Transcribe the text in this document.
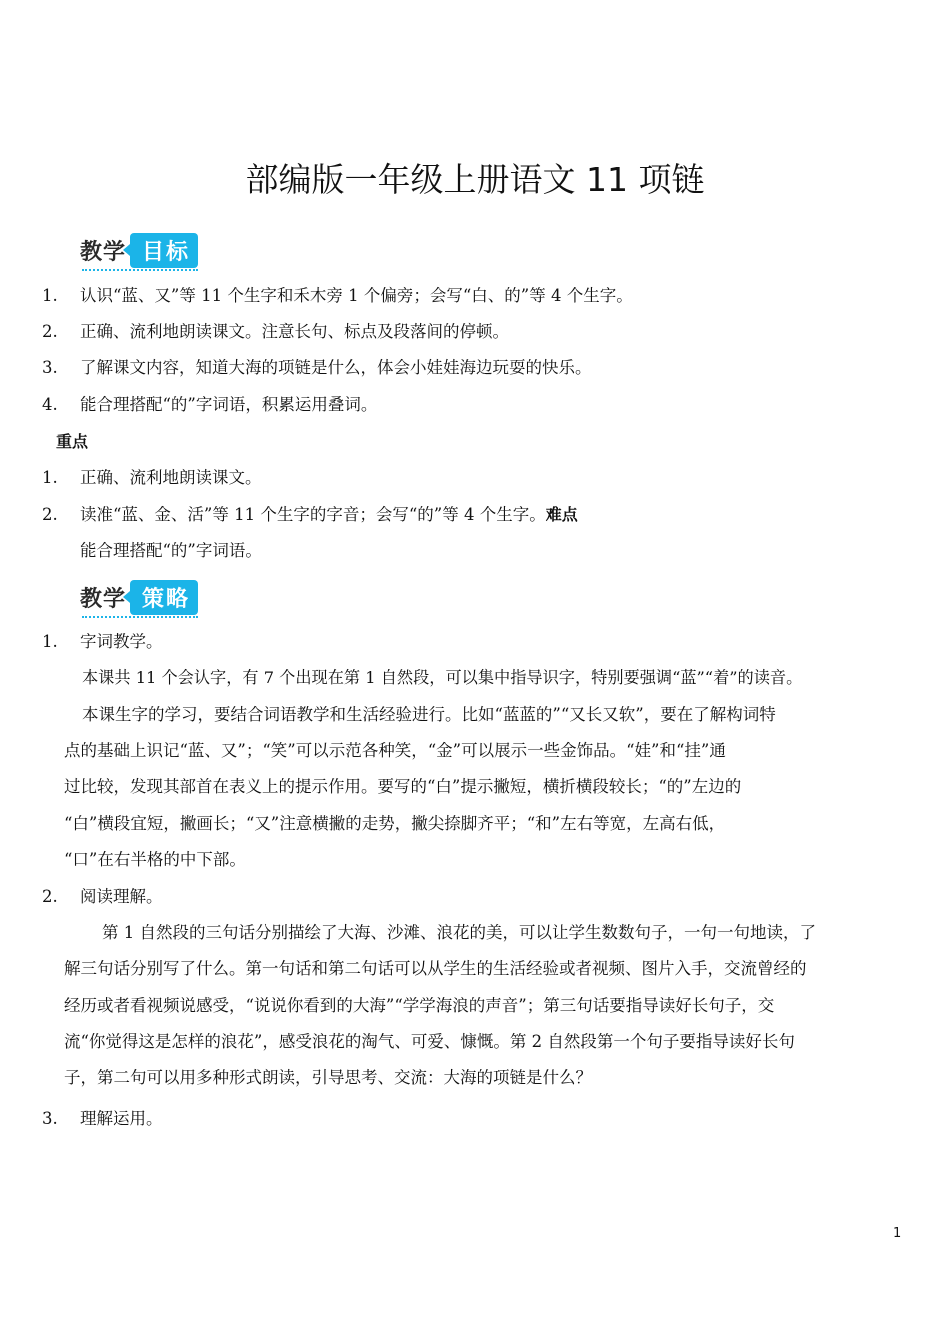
部编版一年级上册语文 11 项链
教学 目标
1. 认识“蓝、又”等 11 个生字和禾木旁 1 个偏旁；会写“白、的”等 4 个生字。
2. 正确、流利地朗读课文。注意长句、标点及段落间的停顿。
3. 了解课文内容，知道大海的项链是什么，体会小娃娃海边玩耍的快乐。
4. 能合理搭配“的”字词语，积累运用叠词。
重点
1. 正确、流利地朗读课文。
2. 读准“蓝、金、活”等 11 个生字的字音；会写“的”等 4 个生字。难点
能合理搭配“的”字词语。
教学 策略
1. 字词教学。
本课共 11 个会认字，有 7 个出现在第 1 自然段，可以集中指导识字，特别要强调“蓝”“着”的读音。
本课生字的学习，要结合词语教学和生活经验进行。比如“蓝蓝的”“又长又软”，要在了解构词特
点的基础上识记“蓝、又”；“笑”可以示范各种笑，“金”可以展示一些金饰品。“娃”和“挂”通
过比较，发现其部首在表义上的提示作用。要写的“白”提示撇短，横折横段较长；“的”左边的
“白”横段宜短，撇画长；“又”注意横撇的走势，撇尖捺脚齐平；“和”左右等宽，左高右低，
“口”在右半格的中下部。
2. 阅读理解。
第 1 自然段的三句话分别描绘了大海、沙滩、浪花的美，可以让学生数数句子，一句一句地读，了
解三句话分别写了什么。第一句话和第二句话可以从学生的生活经验或者视频、图片入手，交流曾经的
经历或者看视频说感受，“说说你看到的大海”“学学海浪的声音”；第三句话要指导读好长句子，交
流“你觉得这是怎样的浪花”，感受浪花的淘气、可爱、慷慨。第 2 自然段第一个句子要指导读好长句
子，第二句可以用多种形式朗读，引导思考、交流：大海的项链是什么？
3. 理解运用。
1
